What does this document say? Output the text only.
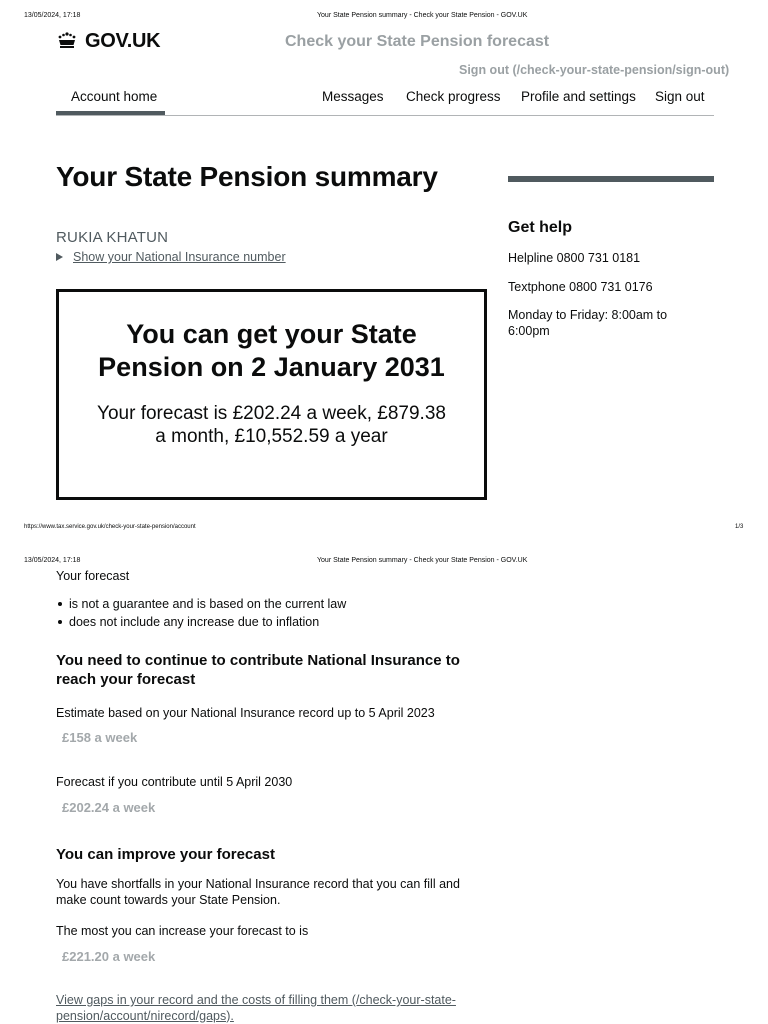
13/05/2024, 17:18	Your State Pension summary - Check your State Pension - GOV.UK
GOV.UK	Check your State Pension forecast
Sign out (/check-your-state-pension/sign-out)
Account home	Messages Check progress Profile and settings Sign out
Your State Pension summary
RUKIA KHATUN
Show your National Insurance number
You can get your State Pension on 2 January 2031
Your forecast is £202.24 a week, £879.38 a month, £10,552.59 a year
Get help
Helpline 0800 731 0181
Textphone 0800 731 0176
Monday to Friday: 8:00am to 6:00pm
https://www.tax.service.gov.uk/check-your-state-pension/account	1/3
13/05/2024, 17:18	Your State Pension summary - Check your State Pension - GOV.UK
Your forecast
is not a guarantee and is based on the current law
does not include any increase due to inflation
You need to continue to contribute National Insurance to reach your forecast
Estimate based on your National Insurance record up to 5 April 2023
£158 a week
Forecast if you contribute until 5 April 2030
£202.24 a week
You can improve your forecast
You have shortfalls in your National Insurance record that you can fill and make count towards your State Pension.
The most you can increase your forecast to is
£221.20 a week
View gaps in your record and the costs of filling them (/check-your-state-pension/account/nirecord/gaps).
